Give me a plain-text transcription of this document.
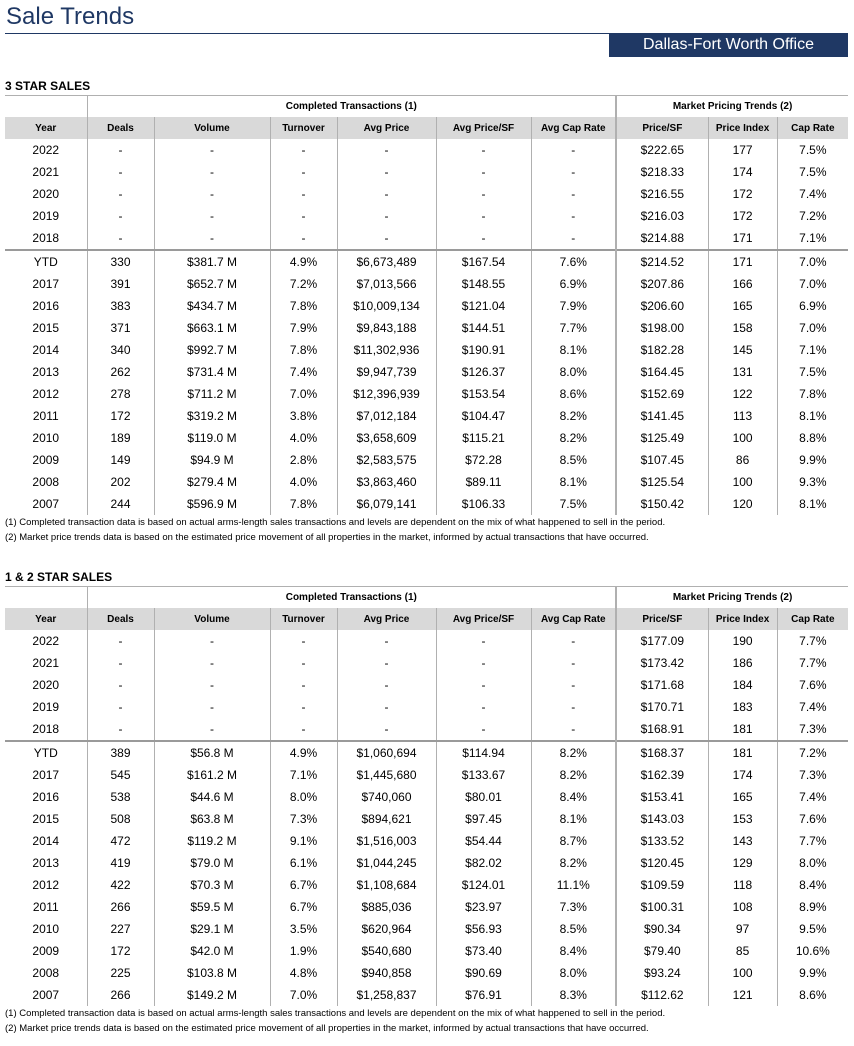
Sale Trends
Dallas-Fort Worth Office
3 STAR SALES
	Completed Transactions (1)						Market Pricing Trends (2)		
Year	Deals	Volume	Turnover	Avg Price	Avg Price/SF	Avg Cap Rate	Price/SF	Price Index	Cap Rate
2022	-	-	-	-	-	-	$222.65	177	7.5%
2021	-	-	-	-	-	-	$218.33	174	7.5%
2020	-	-	-	-	-	-	$216.55	172	7.4%
2019	-	-	-	-	-	-	$216.03	172	7.2%
2018	-	-	-	-	-	-	$214.88	171	7.1%
YTD	330	$381.7 M	4.9%	$6,673,489	$167.54	7.6%	$214.52	171	7.0%
2017	391	$652.7 M	7.2%	$7,013,566	$148.55	6.9%	$207.86	166	7.0%
2016	383	$434.7 M	7.8%	$10,009,134	$121.04	7.9%	$206.60	165	6.9%
2015	371	$663.1 M	7.9%	$9,843,188	$144.51	7.7%	$198.00	158	7.0%
2014	340	$992.7 M	7.8%	$11,302,936	$190.91	8.1%	$182.28	145	7.1%
2013	262	$731.4 M	7.4%	$9,947,739	$126.37	8.0%	$164.45	131	7.5%
2012	278	$711.2 M	7.0%	$12,396,939	$153.54	8.6%	$152.69	122	7.8%
2011	172	$319.2 M	3.8%	$7,012,184	$104.47	8.2%	$141.45	113	8.1%
2010	189	$119.0 M	4.0%	$3,658,609	$115.21	8.2%	$125.49	100	8.8%
2009	149	$94.9 M	2.8%	$2,583,575	$72.28	8.5%	$107.45	86	9.9%
2008	202	$279.4 M	4.0%	$3,863,460	$89.11	8.1%	$125.54	100	9.3%
2007	244	$596.9 M	7.8%	$6,079,141	$106.33	7.5%	$150.42	120	8.1%
(1) Completed transaction data is based on actual arms-length sales transactions and levels are dependent on the mix of what happened to sell in the period.
(2) Market price trends data is based on the estimated price movement of all properties in the market, informed by actual transactions that have occurred.
1 & 2 STAR SALES
	Completed Transactions (1)						Market Pricing Trends (2)		
Year	Deals	Volume	Turnover	Avg Price	Avg Price/SF	Avg Cap Rate	Price/SF	Price Index	Cap Rate
2022	-	-	-	-	-	-	$177.09	190	7.7%
2021	-	-	-	-	-	-	$173.42	186	7.7%
2020	-	-	-	-	-	-	$171.68	184	7.6%
2019	-	-	-	-	-	-	$170.71	183	7.4%
2018	-	-	-	-	-	-	$168.91	181	7.3%
YTD	389	$56.8 M	4.9%	$1,060,694	$114.94	8.2%	$168.37	181	7.2%
2017	545	$161.2 M	7.1%	$1,445,680	$133.67	8.2%	$162.39	174	7.3%
2016	538	$44.6 M	8.0%	$740,060	$80.01	8.4%	$153.41	165	7.4%
2015	508	$63.8 M	7.3%	$894,621	$97.45	8.1%	$143.03	153	7.6%
2014	472	$119.2 M	9.1%	$1,516,003	$54.44	8.7%	$133.52	143	7.7%
2013	419	$79.0 M	6.1%	$1,044,245	$82.02	8.2%	$120.45	129	8.0%
2012	422	$70.3 M	6.7%	$1,108,684	$124.01	11.1%	$109.59	118	8.4%
2011	266	$59.5 M	6.7%	$885,036	$23.97	7.3%	$100.31	108	8.9%
2010	227	$29.1 M	3.5%	$620,964	$56.93	8.5%	$90.34	97	9.5%
2009	172	$42.0 M	1.9%	$540,680	$73.40	8.4%	$79.40	85	10.6%
2008	225	$103.8 M	4.8%	$940,858	$90.69	8.0%	$93.24	100	9.9%
2007	266	$149.2 M	7.0%	$1,258,837	$76.91	8.3%	$112.62	121	8.6%
(1) Completed transaction data is based on actual arms-length sales transactions and levels are dependent on the mix of what happened to sell in the period.
(2) Market price trends data is based on the estimated price movement of all properties in the market, informed by actual transactions that have occurred.
